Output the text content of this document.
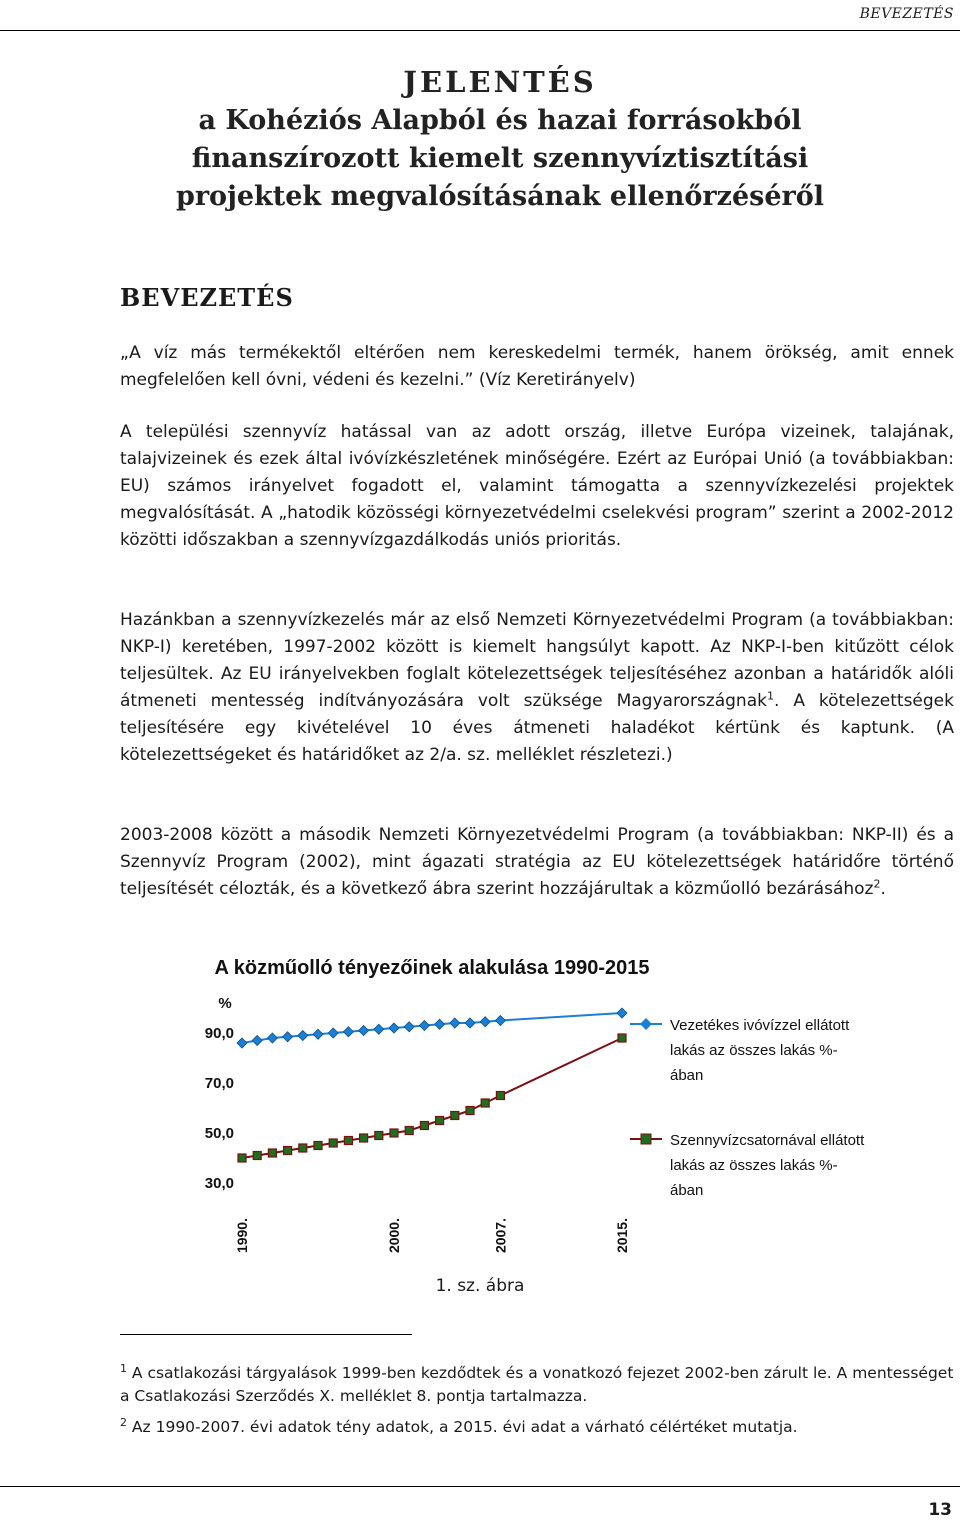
BEVEZETÉS
JELENTÉS
a Kohéziós Alapból és hazai forrásokból
finanszírozott kiemelt szennyvíztisztítási
projektek megvalósításának ellenőrzéséről
BEVEZETÉS

„A víz más termékektől eltérően nem kereskedelmi termék, hanem örökség, amit ennek megfelelően kell óvni, védeni és kezelni.” (Víz Keretirányelv)

A települési szennyvíz hatással van az adott ország, illetve Európa vizeinek, talajának, talajvizeinek és ezek által ivóvízkészletének minőségére. Ezért az Európai Unió (a továbbiakban: EU) számos irányelvet fogadott el, valamint támogatta a szennyvízkezelési projektek megvalósítását. A „hatodik közösségi környezetvédelmi cselekvési program” szerint a 2002-2012 közötti időszakban a szennyvízgazdálkodás uniós prioritás.

Hazánkban a szennyvízkezelés már az első Nemzeti Környezetvédelmi Program (a továbbiakban: NKP-I) keretében, 1997-2002 között is kiemelt hangsúlyt kapott. Az NKP-I-ben kitűzött célok teljesültek. Az EU irányelvekben foglalt kötelezettségek teljesítéséhez azonban a határidők alóli átmeneti mentesség indítványozására volt szüksége Magyarországnak$^1$. A kötelezettségek teljesítésére egy kivételével 10 éves átmeneti haladékot kértünk és kaptunk. (A kötelezettségeket és határidőket az 2/a. sz. melléklet részletezi.)

2003-2008 között a második Nemzeti Környezetvédelmi Program (a továbbiakban: NKP-II) és a Szennyvíz Program (2002), mint ágazati stratégia az EU kötelezettségek határidőre történő teljesítését célozták, és a következő ábra szerint hozzájárultak a közműolló bezárásához$^2$.

A közműolló tényezőinek alakulása 1990-2015
%
30,0
50,0
70,0
90,0
1990.	2000.	2007.	2015.
Vezetékes ivóvízzel ellátott
lakás az összes lakás %-
ában
Szennyvízcsatornával ellátott
lakás az összes lakás %-
ában
1. sz. ábra

$^1$ A csatlakozási tárgyalások 1999-ben kezdődtek és a vonatkozó fejezet 2002-ben zárult le. A mentességet a Csatlakozási Szerződés X. melléklet 8. pontja tartalmazza.

$^2$ Az 1990-2007. évi adatok tény adatok, a 2015. évi adat a várható célértéket mutatja.

13
